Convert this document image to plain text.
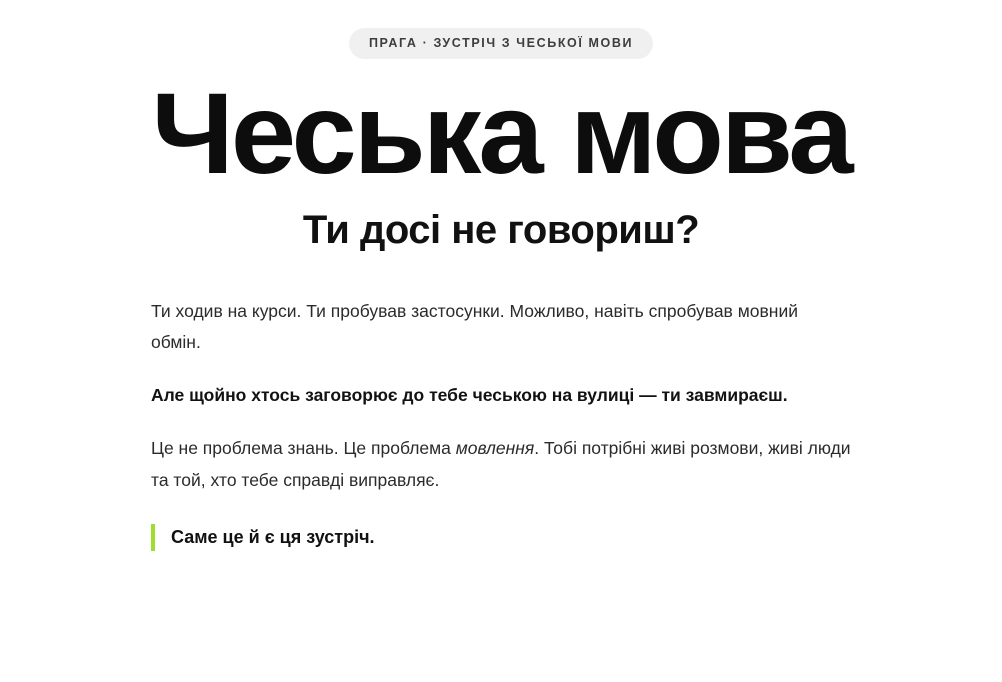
ПРАГА · ЗУСТРІЧ З ЧЕСЬКОЇ МОВИ
Чеська мова
Ти досі не говориш?

Ти ходив на курси. Ти пробував застосунки. Можливо, навіть спробував мовний обмін.

Але щойно хтось заговорює до тебе чеською на вулиці — ти завмираєш.

Це не проблема знань. Це проблема мовлення. Тобі потрібні живі розмови, живі люди та той, хто тебе справді виправляє.

Саме це й є ця зустріч.
